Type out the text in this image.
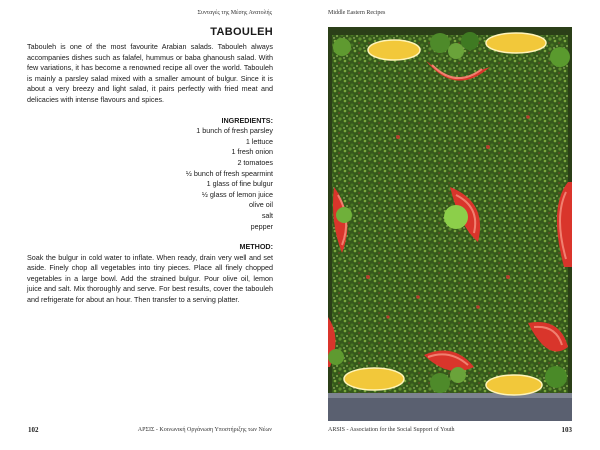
Συνταγές της Μέσης Ανατολής
TABOULEH

Tabouleh is one of the most favourite Arabian salads. Tabouleh always accompanies dishes such as falafel, hummus or baba ghanoush salad. With few variations, it has become a renowned recipe all over the world. Tabouleh is mainly a parsley salad mixed with a smaller amount of bulgur. Since it is about a very breezy and light salad, it pairs perfectly with fried meat and delicacies with intense flavours and spices.

INGREDIENTS:
1 bunch of fresh parsley
1 lettuce
1 fresh onion
2 tomatoes
½ bunch of fresh spearmint
1 glass of fine bulgur
½ glass of lemon juice
olive oil
salt
pepper
METHOD:

Soak the bulgur in cold water to inflate. When ready, drain very well and set aside. Finely chop all vegetables into tiny pieces. Place all finely chopped vegetables in a large bowl. Add the strained bulgur. Pour olive oil, lemon juice and salt. Mix thoroughly and serve. For best results, cover the tabouleh and refrigerate for about an hour. Then transfer to a serving platter.

102	ΑΡΣΙΣ - Κοινωνική Οργάνωση Υποστήριξης των Νέων
Middle Eastern Recipes
ARSIS - Association for the Social Support of Youth	103
